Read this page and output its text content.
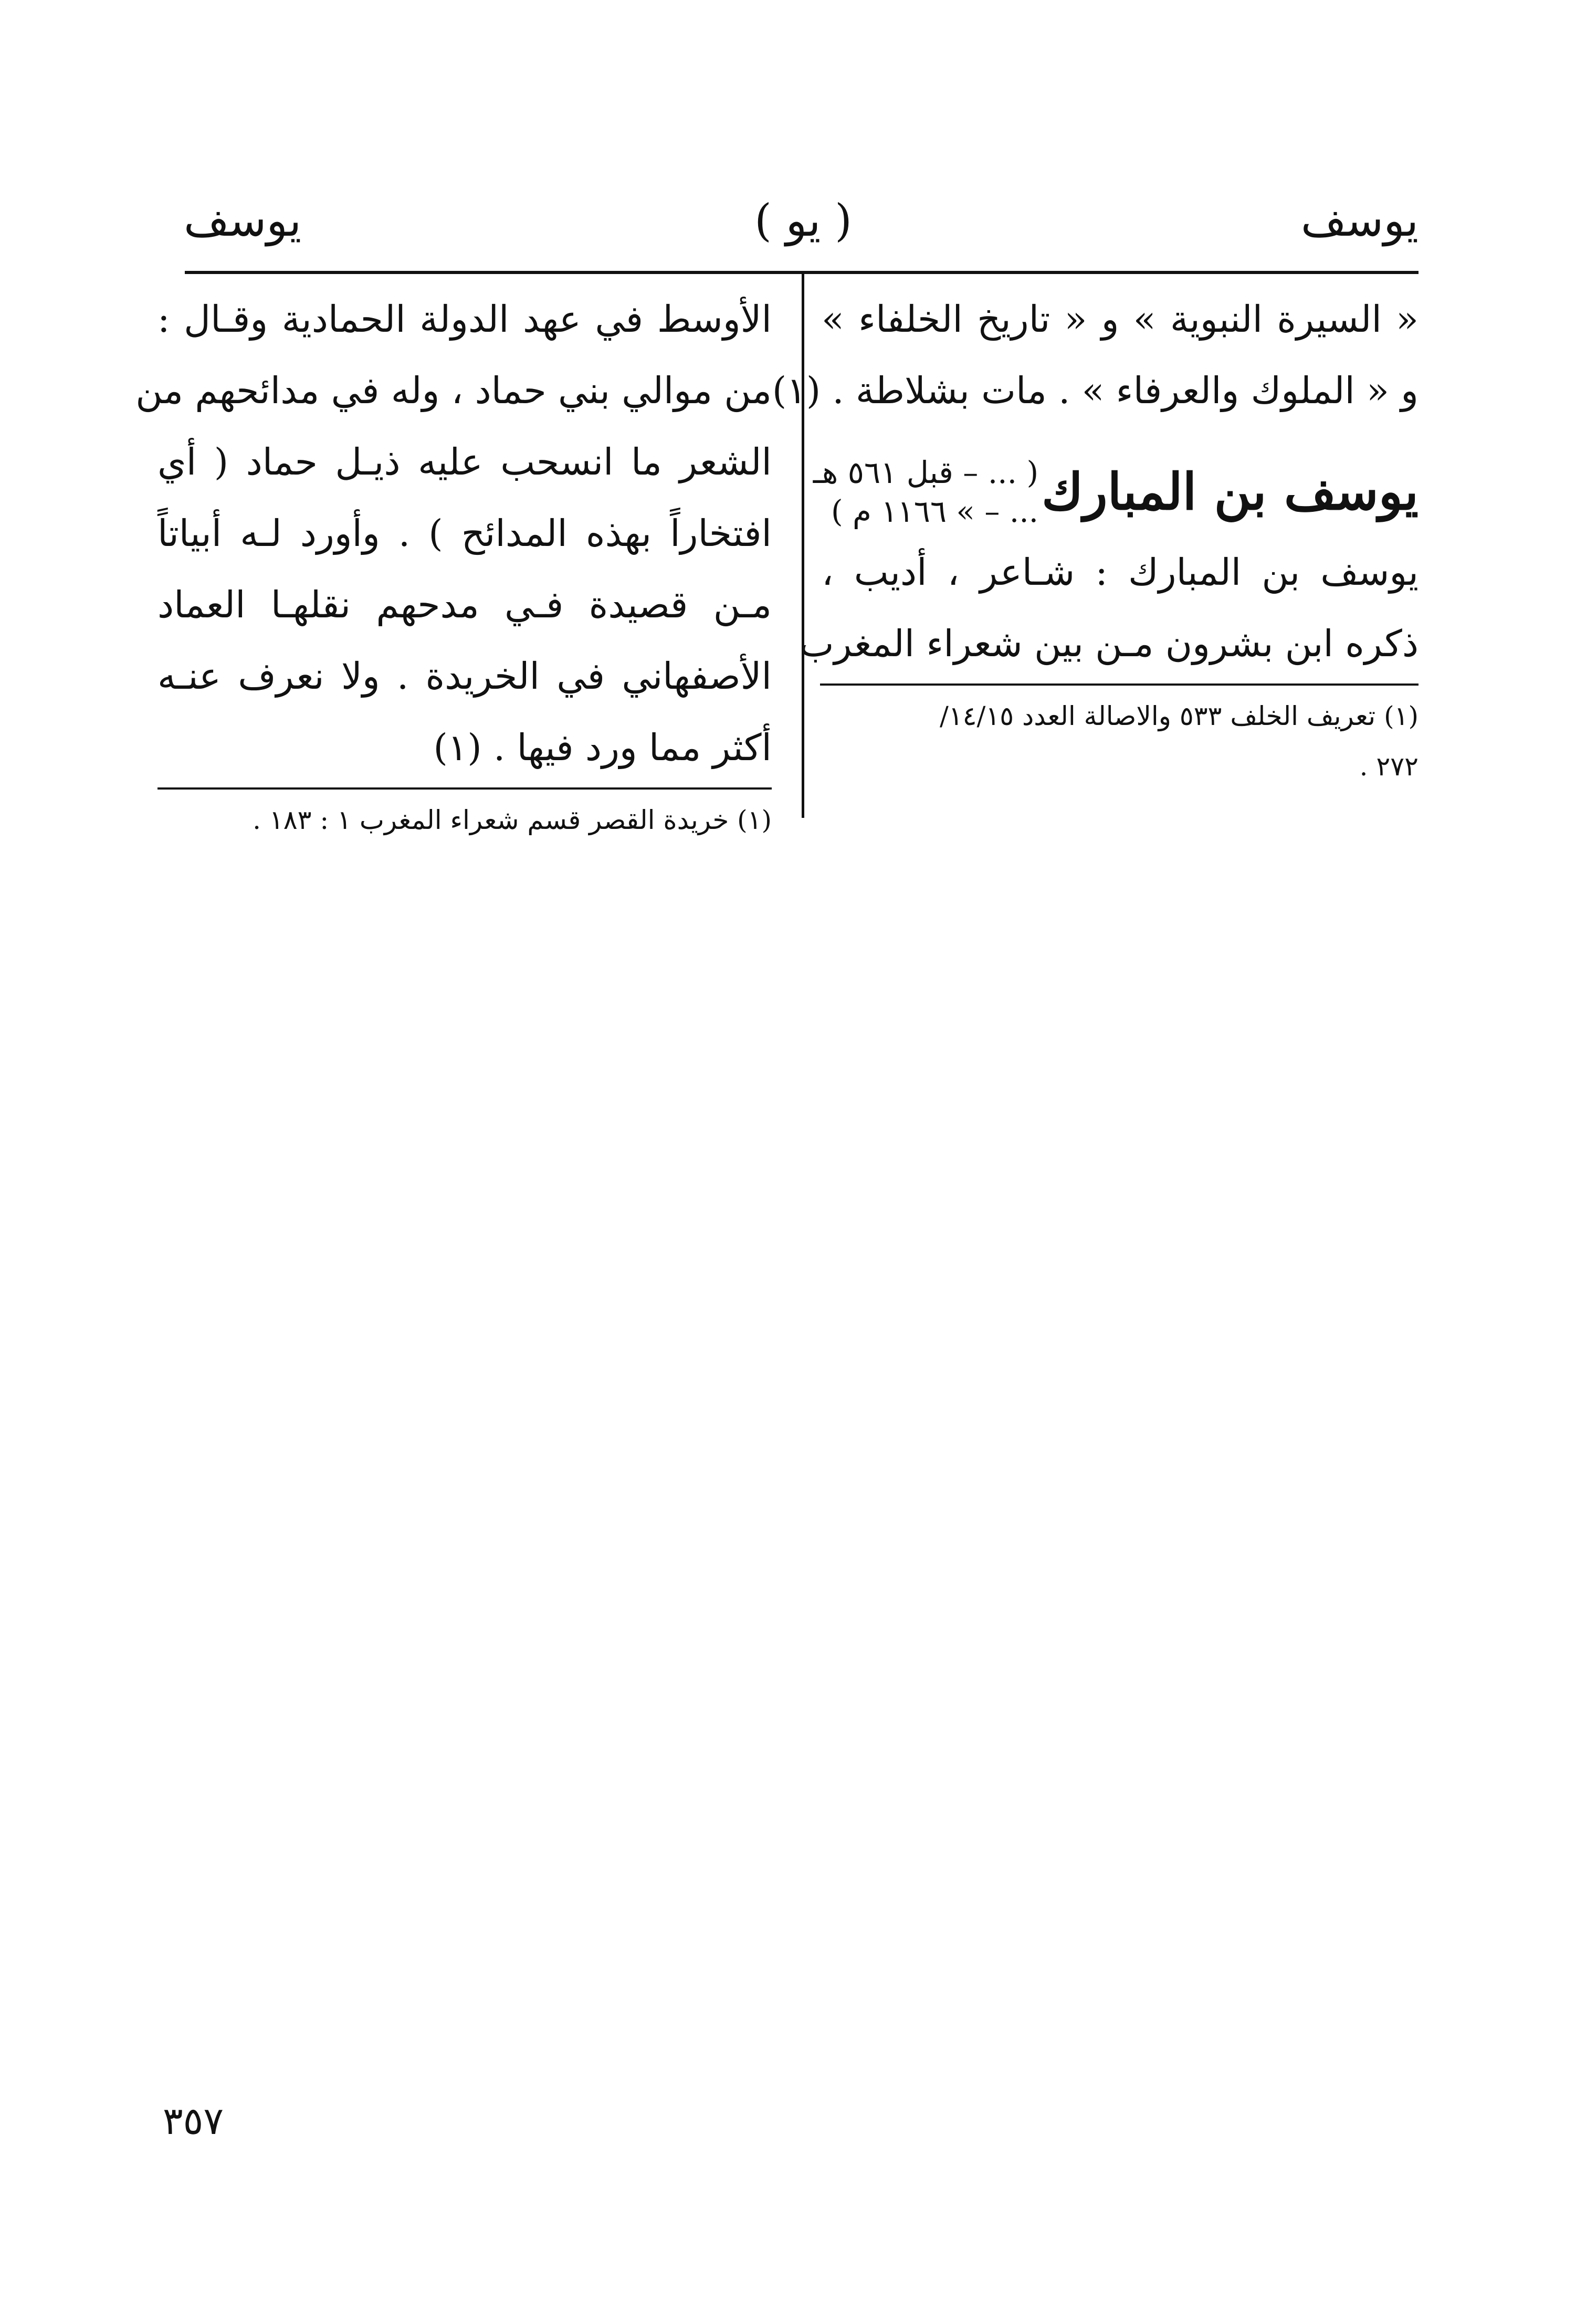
يوسف
( يو )
يوسف
« السيرة النبوية » و « تاريخ الخلفاء »
و « الملوك والعرفاء » . مات بشلاطة . (١)
يوسف بن المبارك
( ... – قبل ٥٦١ هـ
... – » ١١٦٦ م )
يوسف بن المبارك : شـاعر ، أديب ،
ذكره ابن بشرون مـن بين شعراء المغرب
(١) تعريف الخلف ٥٣٣ والاصالة العدد ١٤/١٥/
٢٧٢ .
الأوسط في عهد الدولة الحمادية وقـال :
من موالي بني حماد ، وله في مدائحهم من
الشعر ما انسحب عليه ذيـل حماد ( أي
افتخاراً بهذه المدائح ) . وأورد لـه أبياتاً
مـن قصيدة فـي مدحهم نقلهـا العماد
الأصفهاني في الخريدة . ولا نعرف عنـه
أكثر مما ورد فيها . (١)
(١) خريدة القصر قسم شعراء المغرب ١ : ١٨٣ .
٣٥٧
